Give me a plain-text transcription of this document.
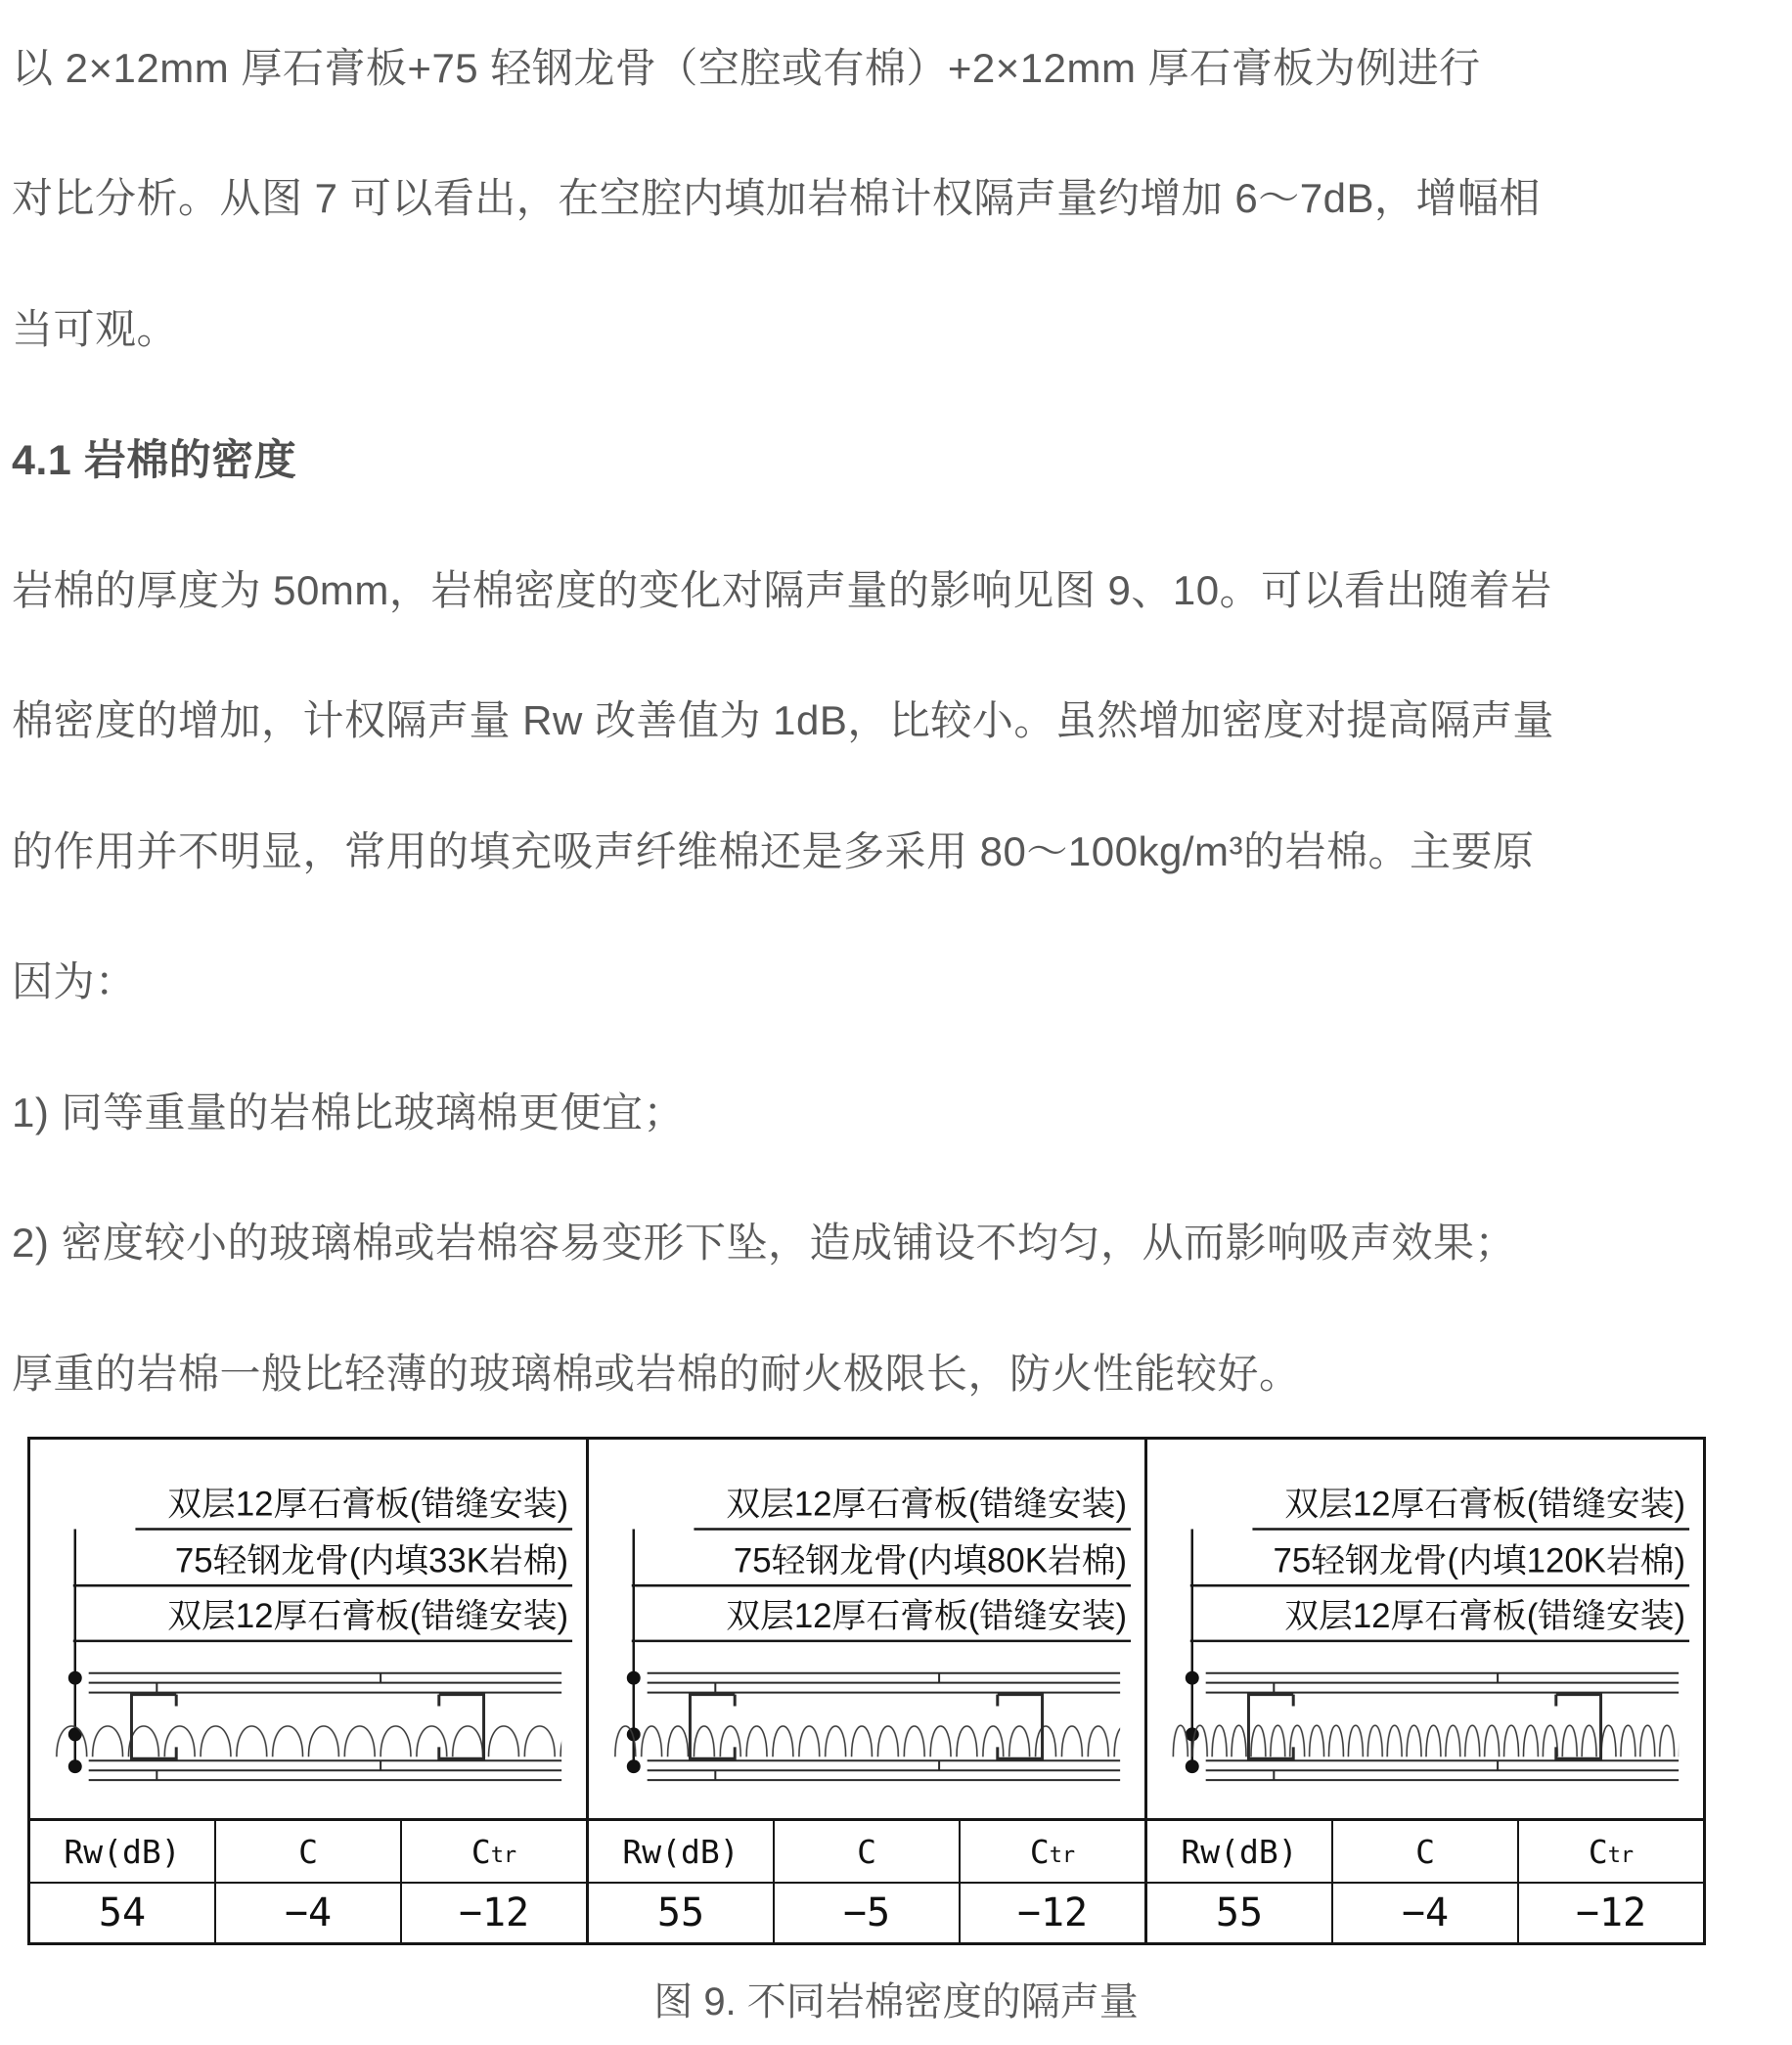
以 2×12mm 厚石膏板+75 轻钢龙骨（空腔或有棉）+2×12mm 厚石膏板为例进行
对比分析。从图 7 可以看出，在空腔内填加岩棉计权隔声量约增加 6～7dB，增幅相
当可观。
4.1 岩棉的密度
岩棉的厚度为 50mm，岩棉密度的变化对隔声量的影响见图 9、10。可以看出随着岩
棉密度的增加，计权隔声量 Rw 改善值为 1dB，比较小。虽然增加密度对提高隔声量
的作用并不明显，常用的填充吸声纤维棉还是多采用 80～100kg/m³的岩棉。主要原
因为：
1) 同等重量的岩棉比玻璃棉更便宜；
2) 密度较小的玻璃棉或岩棉容易变形下坠，造成铺设不均匀，从而影响吸声效果；
厚重的岩棉一般比轻薄的玻璃棉或岩棉的耐火极限长，防火性能较好。
双层12厚石膏板(错缝安装)
75轻钢龙骨(内填33K岩棉)
双层12厚石膏板(错缝安装)
Rw(dB)	C	C tr
54	−4	−12
双层12厚石膏板(错缝安装)
75轻钢龙骨(内填80K岩棉)
双层12厚石膏板(错缝安装)
Rw(dB)	C	C tr
55	−5	−12
双层12厚石膏板(错缝安装)
75轻钢龙骨(内填120K岩棉)
双层12厚石膏板(错缝安装)
Rw(dB)	C	C tr
55	−4	−12
图 9. 不同岩棉密度的隔声量
